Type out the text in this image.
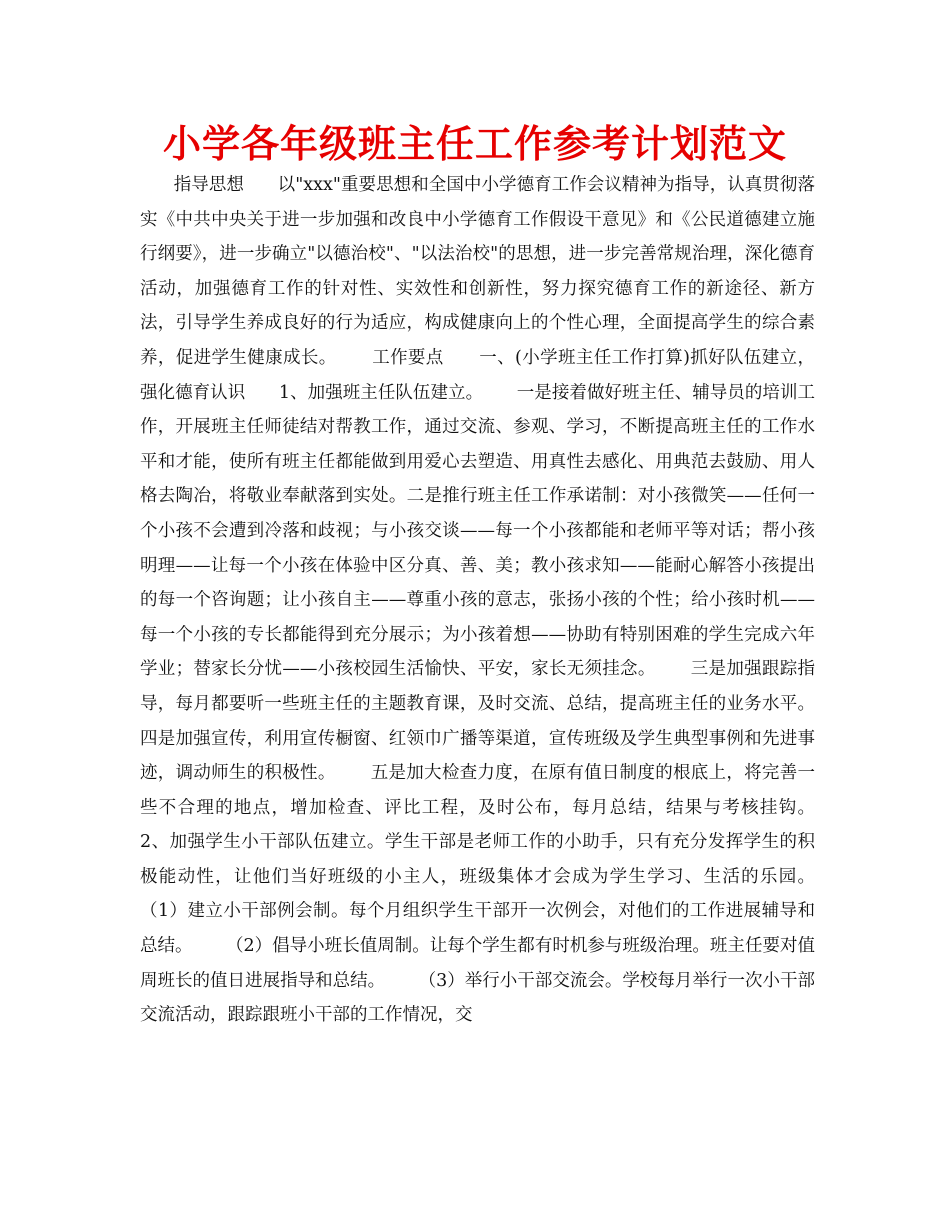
小学各年级班主任工作参考计划范文

指导思想      以"xxx"重要思想和全国中小学德育工作会议精神为指导，认真贯彻落实《中共中央关于进一步加强和改良中小学德育工作假设干意见》和《公民道德建立施行纲要》，进一步确立"以德治校"、"以法治校"的思想，进一步完善常规治理，深化德育活动，加强德育工作的针对性、实效性和创新性，努力探究德育工作的新途径、新方法，引导学生养成良好的行为适应，构成健康向上的个性心理，全面提高学生的综合素养，促进学生健康成长。      工作要点      一、(小学班主任工作打算)抓好队伍建立，强化德育认识      1、加强班主任队伍建立。      一是接着做好班主任、辅导员的培训工作，开展班主任师徒结对帮教工作，通过交流、参观、学习，不断提高班主任的工作水平和才能，使所有班主任都能做到用爱心去塑造、用真性去感化、用典范去鼓励、用人格去陶冶，将敬业奉献落到实处。二是推行班主任工作承诺制：对小孩微笑——任何一个小孩不会遭到冷落和歧视；与小孩交谈——每一个小孩都能和老师平等对话；帮小孩明理——让每一个小孩在体验中区分真、善、美；教小孩求知——能耐心解答小孩提出的每一个咨询题；让小孩自主——尊重小孩的意志，张扬小孩的个性；给小孩时机——每一个小孩的专长都能得到充分展示；为小孩着想——协助有特别困难的学生完成六年学业；替家长分忧——小孩校园生活愉快、平安，家长无须挂念。      三是加强跟踪指导，每月都要听一些班主任的主题教育课，及时交流、总结，提高班主任的业务水平。四是加强宣传，利用宣传橱窗、红领巾广播等渠道，宣传班级及学生典型事例和先进事迹，调动师生的积极性。      五是加大检查力度，在原有值日制度的根底上，将完善一些不合理的地点，增加检查、评比工程，及时公布，每月总结，结果与考核挂钩。      2、加强学生小干部队伍建立。学生干部是老师工作的小助手，只有充分发挥学生的积极能动性，让他们当好班级的小主人，班级集体才会成为学生学习、生活的乐园。      （1）建立小干部例会制。每个月组织学生干部开一次例会，对他们的工作进展辅导和总结。      （2）倡导小班长值周制。让每个学生都有时机参与班级治理。班主任要对值周班长的值日进展指导和总结。      （3）举行小干部交流会。学校每月举行一次小干部交流活动，跟踪跟班小干部的工作情况，交
